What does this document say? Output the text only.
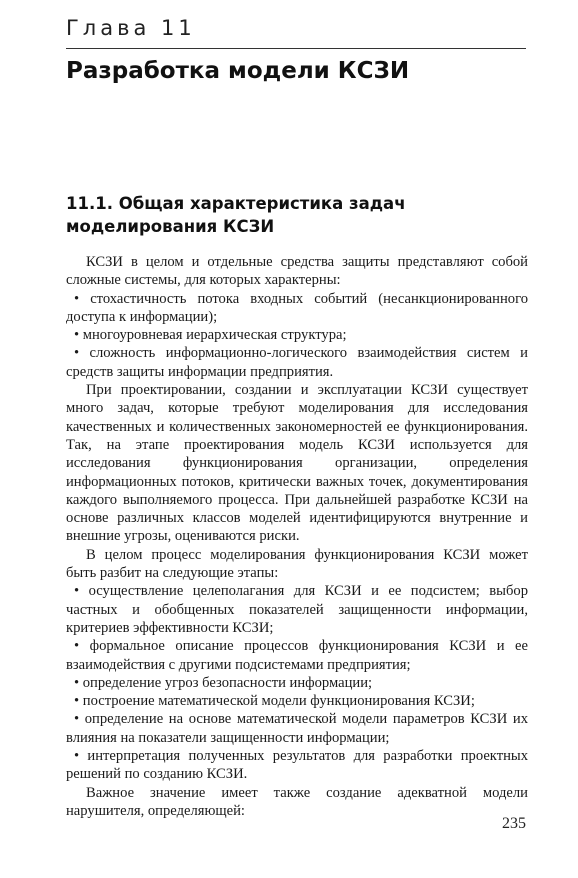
Глава 11
Разработка модели КСЗИ
11.1. Общая характеристика задач моделирования КСЗИ

КСЗИ в целом и отдельные средства защиты представляют собой сложные системы, для которых характерны:

• стохастичность потока входных событий (несанкционированного доступа к информации);

• многоуровневая иерархическая структура;

• сложность информационно-логического взаимодействия систем и средств защиты информации предприятия.

При проектировании, создании и эксплуатации КСЗИ существует много задач, которые требуют моделирования для исследования качественных и количественных закономерностей ее функционирования. Так, на этапе проектирования модель КСЗИ используется для исследования функционирования организации, определения информационных потоков, критически важных точек, документирования каждого выполняемого процесса. При дальнейшей разработке КСЗИ на основе различных классов моделей идентифицируются внутренние и внешние угрозы, оцениваются риски.

В целом процесс моделирования функционирования КСЗИ может быть разбит на следующие этапы:

• осуществление целеполагания для КСЗИ и ее подсистем; выбор частных и обобщенных показателей защищенности информации, критериев эффективности КСЗИ;

• формальное описание процессов функционирования КСЗИ и ее взаимодействия с другими подсистемами предприятия;

• определение угроз безопасности информации;

• построение математической модели функционирования КСЗИ;

• определение на основе математической модели параметров КСЗИ их влияния на показатели защищенности информации;

• интерпретация полученных результатов для разработки проектных решений по созданию КСЗИ.

Важное значение имеет также создание адекватной модели нарушителя, определяющей:

235
